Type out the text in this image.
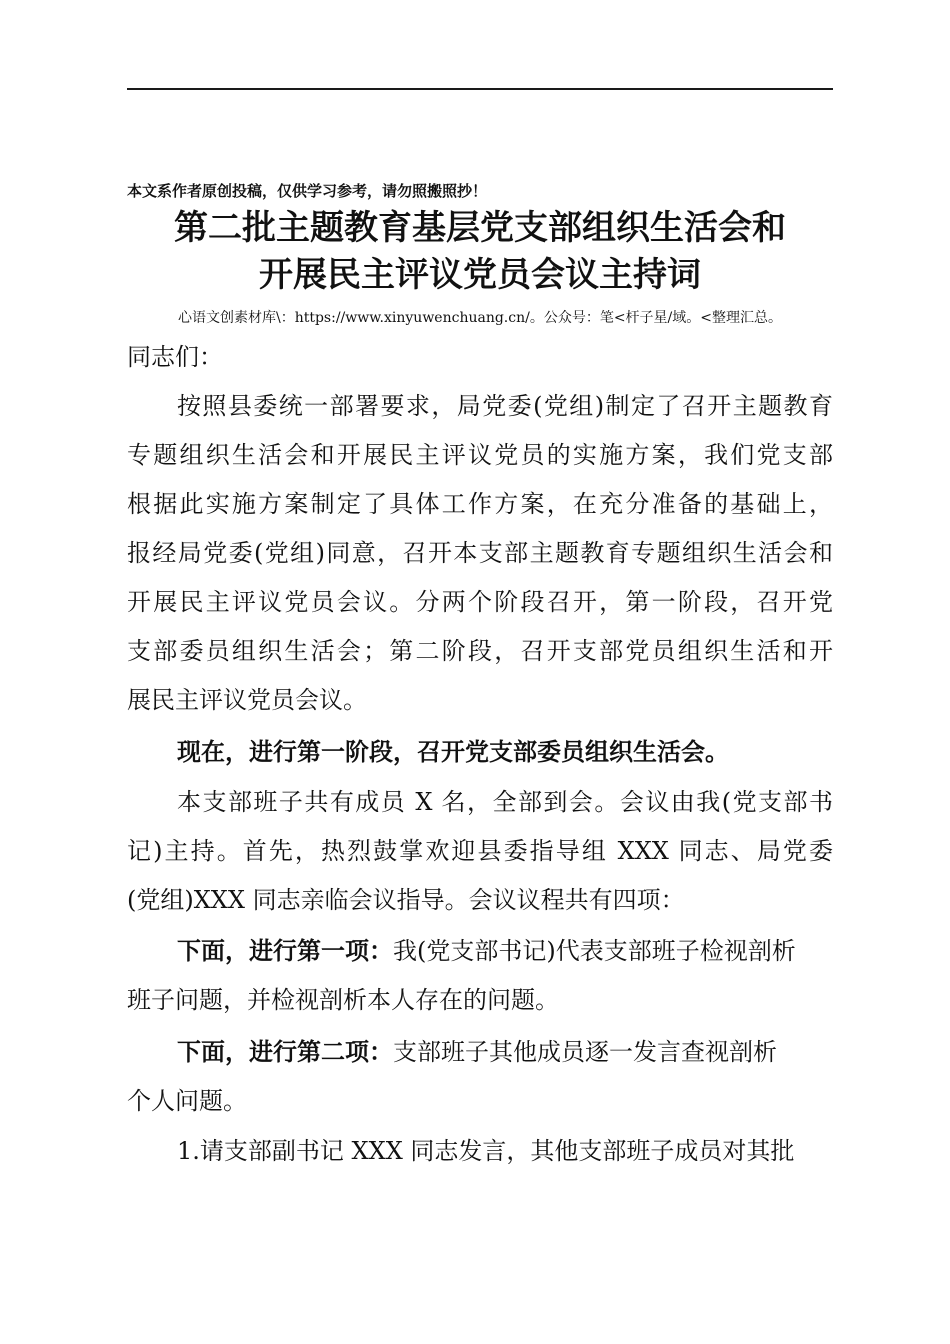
本文系作者原创投稿，仅供学习参考，请勿照搬照抄！
第二批主题教育基层党支部组织生活会和
开展民主评议党员会议主持词
心语文创素材库\：https://www.xinyuwenchuang.cn/。公众号：笔<杆子星/域。<整理汇总。
同志们：
按照县委统一部署要求，局党委(党组)制定了召开主题教育
专题组织生活会和开展民主评议党员的实施方案，我们党支部
根据此实施方案制定了具体工作方案，在充分准备的基础上，
报经局党委(党组)同意，召开本支部主题教育专题组织生活会和
开展民主评议党员会议。分两个阶段召开，第一阶段，召开党
支部委员组织生活会；第二阶段，召开支部党员组织生活和开
展民主评议党员会议。
现在，进行第一阶段，召开党支部委员组织生活会。
本支部班子共有成员 X 名，全部到会。会议由我(党支部书
记)主持。首先，热烈鼓掌欢迎县委指导组 XXX 同志、局党委
(党组)XXX 同志亲临会议指导。会议议程共有四项：
下面，进行第一项：我(党支部书记)代表支部班子检视剖析
班子问题，并检视剖析本人存在的问题。
下面，进行第二项：支部班子其他成员逐一发言查视剖析
个人问题。
1.请支部副书记 XXX 同志发言，其他支部班子成员对其批
